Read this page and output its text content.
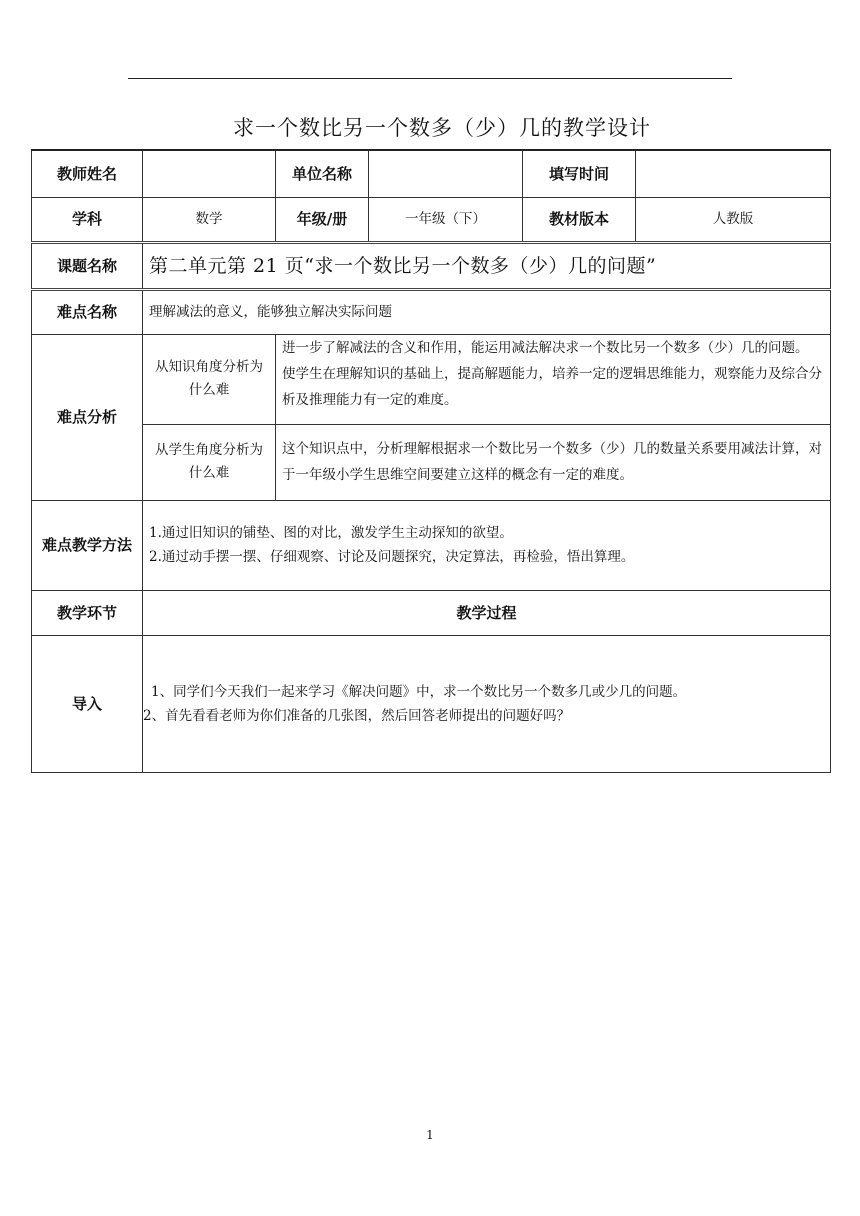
求一个数比另一个数多（少）几的教学设计
教师姓名		单位名称		填写时间	
学科	数学	年级/册	一年级（下）	教材版本	人教版
课题名称	第二单元第 21 页“求一个数比另一个数多（少）几的问题”				
难点名称	理解减法的意义，能够独立解决实际问题				
难点分析	从知识角度分析为什么难	进一步了解减法的含义和作用，能运用减法解决求一个数比另一个数多（少）几的问题。 使学生在理解知识的基础上，提高解题能力，培养一定的逻辑思维能力，观察能力及综合分析及推理能力有一定的难度。			
	从学生角度分析为什么难	这个知识点中，分析理解根据求一个数比另一个数多（少）几的数量关系要用减法计算，对于一年级小学生思维空间要建立这样的概念有一定的难度。			
难点教学方法	1.通过旧知识的铺垫、图的对比，激发学生主动探知的欲望。
2.通过动手摆一摆、仔细观察、讨论及问题探究，决定算法，再检验，悟出算理。				

教学环节	教学过程				
导入	1、同学们今天我们一起来学习《解决问题》中，求一个数比另一个数多几或少几的问题。
2、首先看看老师为你们准备的几张图，然后回答老师提出的问题好吗？				
1
